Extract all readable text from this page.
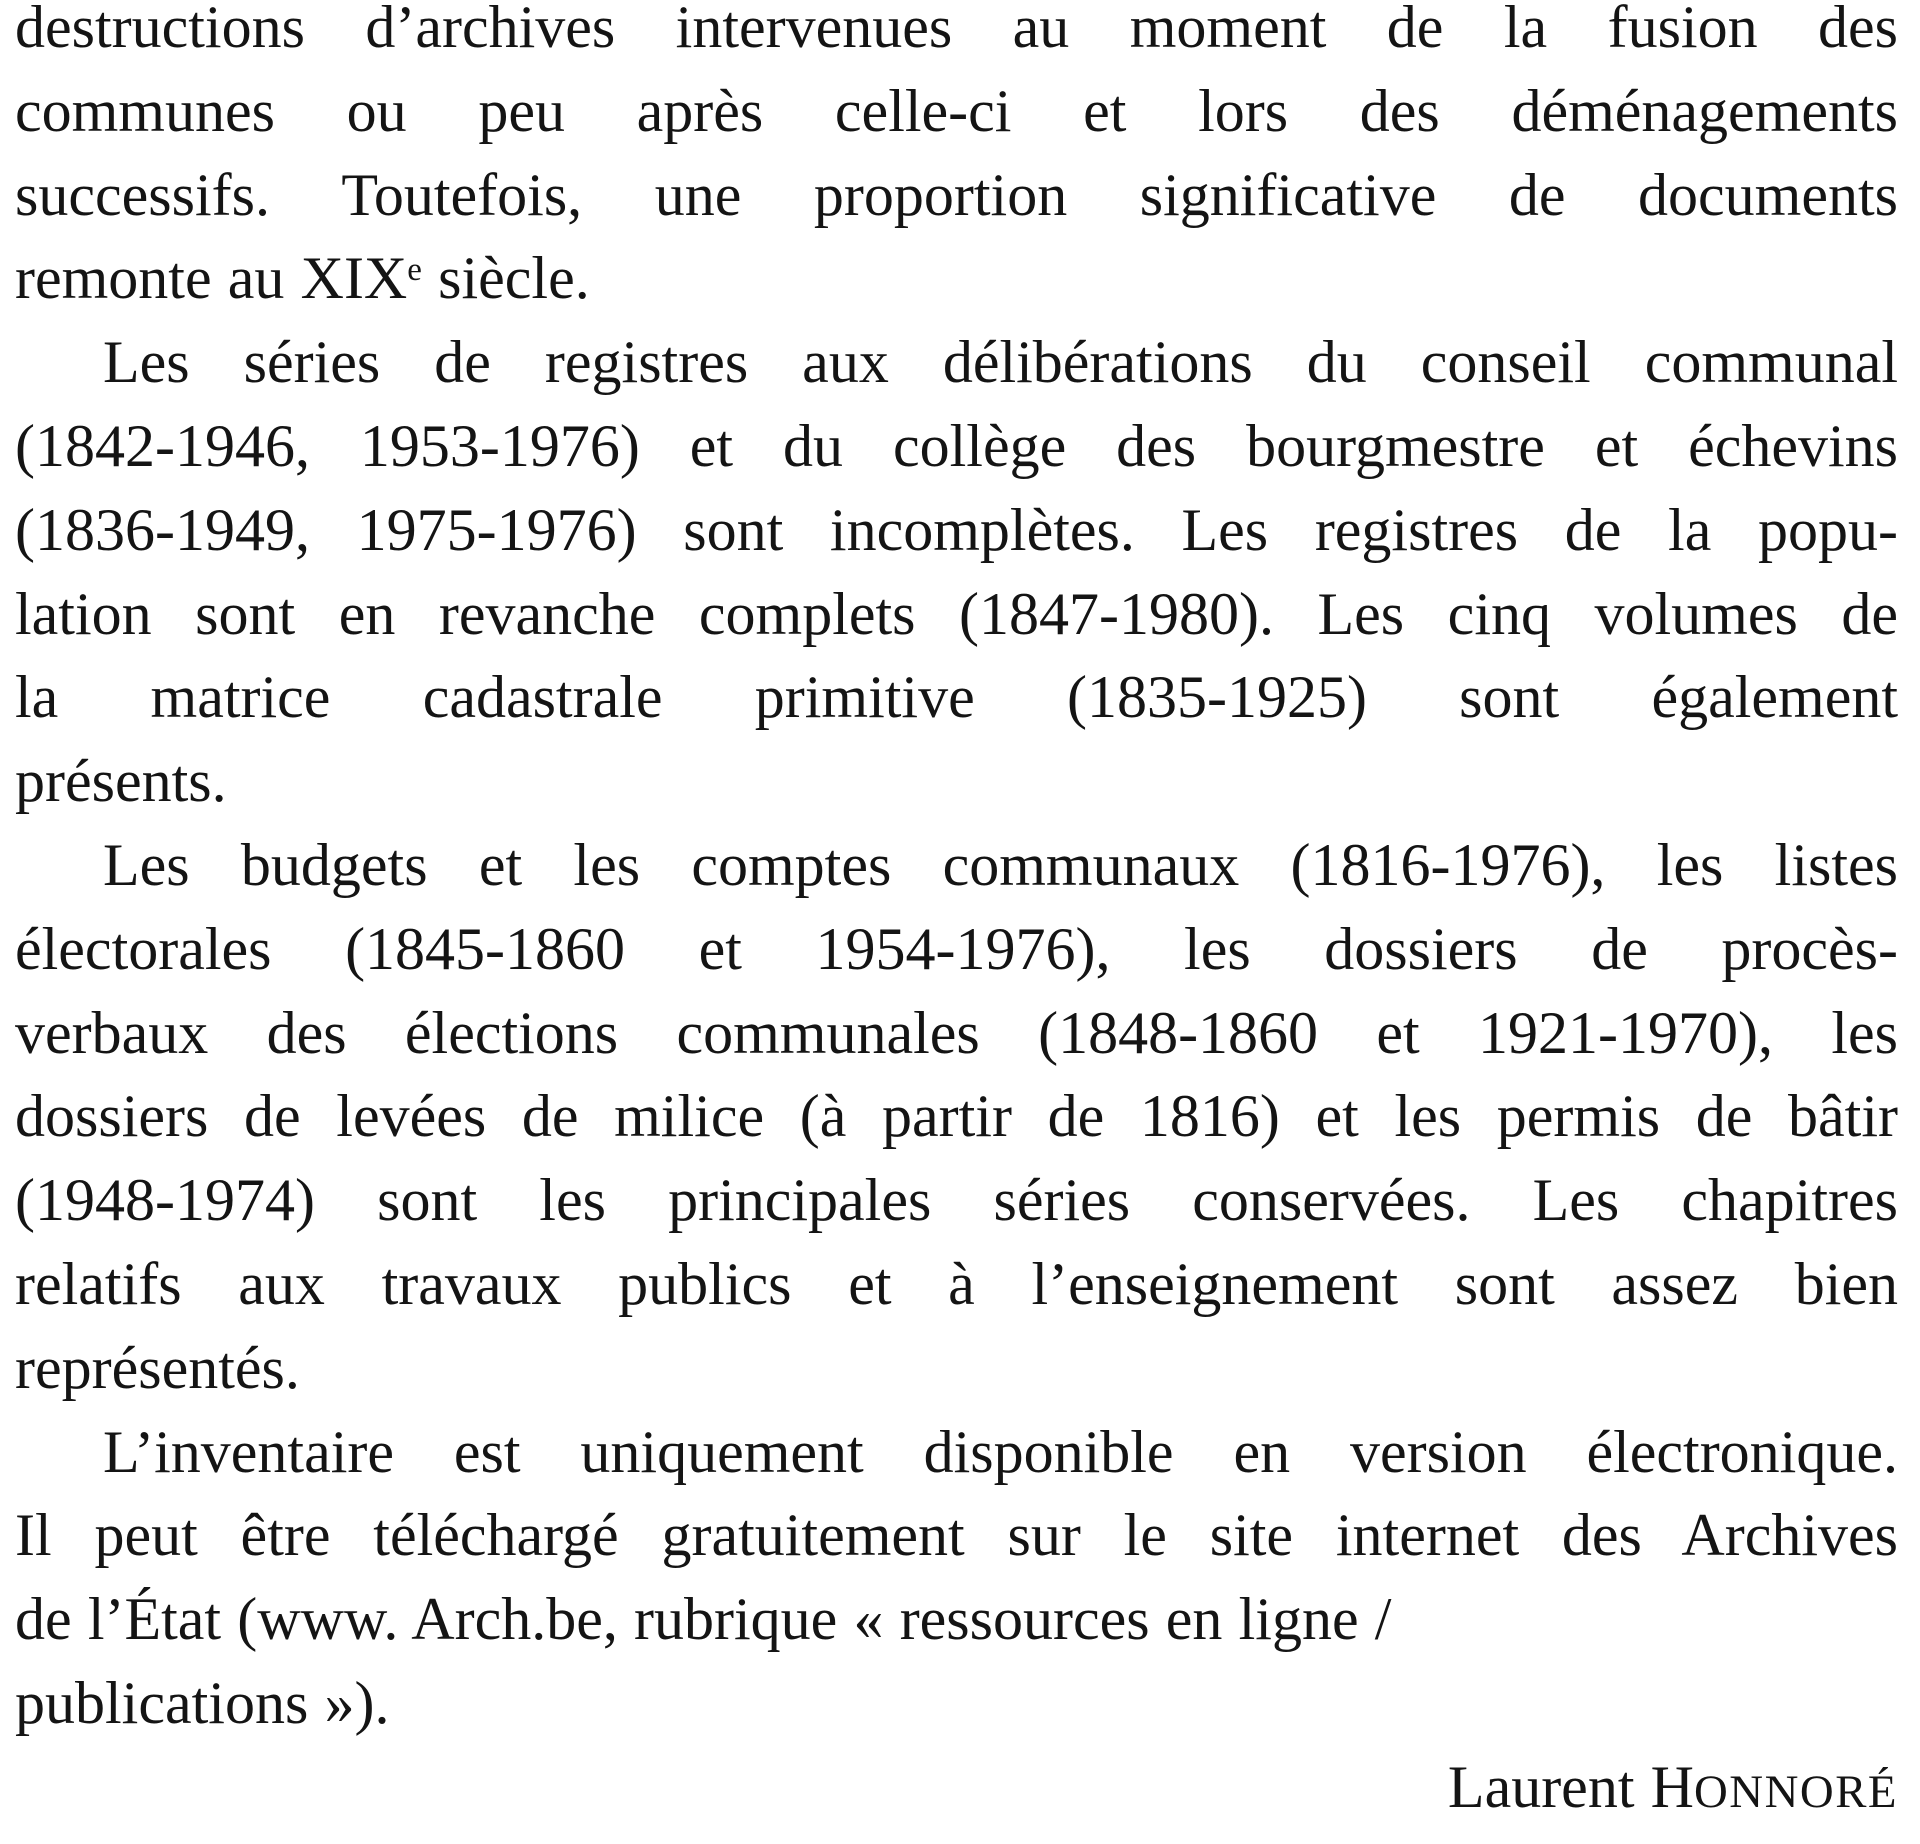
destructions d’archives intervenues au moment de la fusion des
communes ou peu après celle-ci et lors des déménagements
successifs. Toutefois, une proportion significative de documents
remonte au XIXe siècle.
Les séries de registres aux délibérations du conseil communal
(1842-1946, 1953-1976) et du collège des bourgmestre et échevins
(1836-1949, 1975-1976) sont incomplètes. Les registres de la popu-
lation sont en revanche complets (1847-1980). Les cinq volumes de
la matrice cadastrale primitive (1835-1925) sont également
présents.
Les budgets et les comptes communaux (1816-1976), les listes
électorales (1845-1860 et 1954-1976), les dossiers de procès-
verbaux des élections communales (1848-1860 et 1921-1970), les
dossiers de levées de milice (à partir de 1816) et les permis de bâtir
(1948-1974) sont les principales séries conservées. Les chapitres
relatifs aux travaux publics et à l’enseignement sont assez bien
représentés.
L’inventaire est uniquement disponible en version électronique.
Il peut être téléchargé gratuitement sur le site internet des Archives
de l’État (www. Arch.be, rubrique « ressources en ligne /
publications »).
Laurent HONNORÉ
